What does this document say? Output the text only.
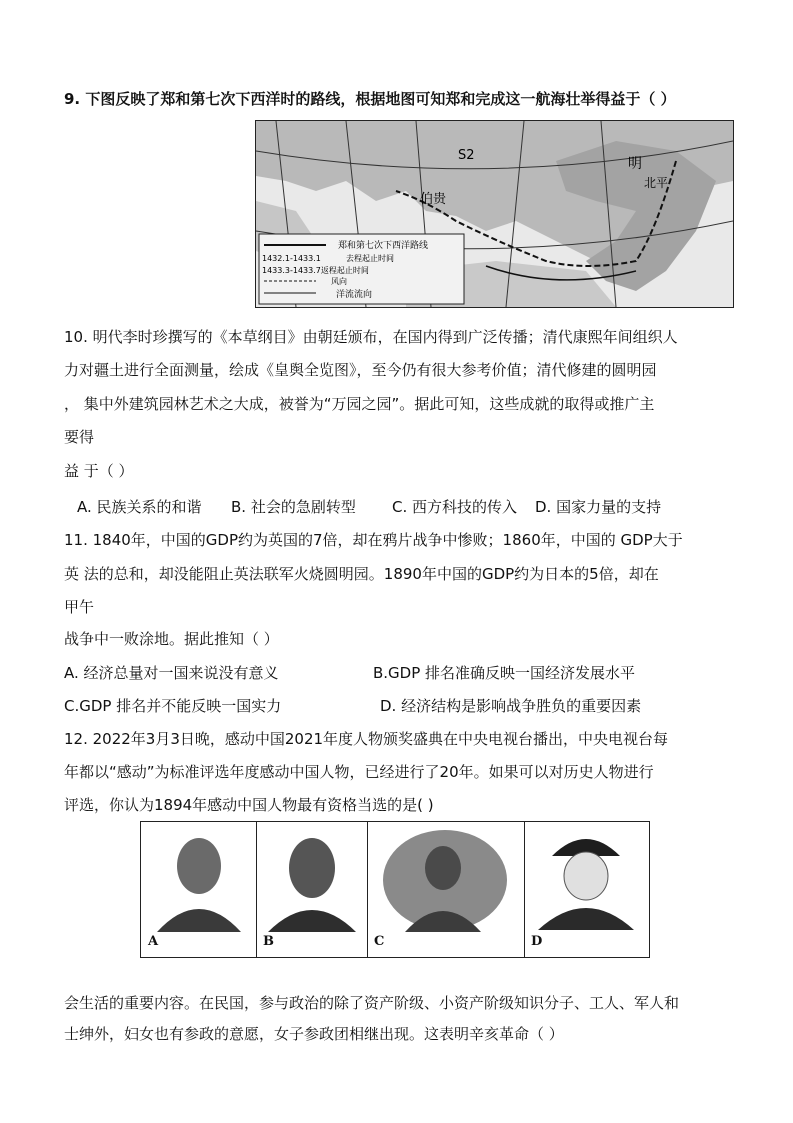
9. 下图反映了郑和第七次下西洋时的路线，根据地图可知郑和完成这一航海壮举得益于（ ）
郑和第七次下西洋路线
1432.1-1433.1	去程起止时间
1433.3-1433.7返程起止时间
风向
洋流流向
S2
明
北平
伯贵
10. 明代李时珍撰写的《本草纲目》由朝廷颁布，在国内得到广泛传播；清代康熙年间组织人
力对疆土进行全面测量，绘成《皇舆全览图》，至今仍有很大参考价值；清代修建的圆明园
， 集中外建筑园林艺术之大成，被誉为“万园之园”。据此可知，这些成就的取得或推广主
要得
益 于（ ）
A. 民族关系的和谐 B. 社会的急剧转型 C. 西方科技的传入 D. 国家力量的支持
11. 1840年，中国的GDP约为英国的7倍，却在鸦片战争中惨败；1860年，中国的 GDP大于
英 法的总和，却没能阻止英法联军火烧圆明园。1890年中国的GDP约为日本的5倍，却在
甲午
战争中一败涂地。据此推知（ ）
A. 经济总量对一国来说没有意义	B.GDP 排名准确反映一国经济发展水平
C.GDP 排名并不能反映一国实力	D. 经济结构是影响战争胜负的重要因素
12. 2022年3月3日晚，感动中国2021年度人物颁奖盛典在中央电视台播出，中央电视台每
年都以“感动”为标准评选年度感动中国人物，已经进行了20年。如果可以对历史人物进行
评选，你认为1894年感动中国人物最有资格当选的是( )
A	B	C	D
会生活的重要内容。在民国，参与政治的除了资产阶级、小资产阶级知识分子、工人、军人和
士绅外，妇女也有参政的意愿，女子参政团相继出现。这表明辛亥革命（ ）
